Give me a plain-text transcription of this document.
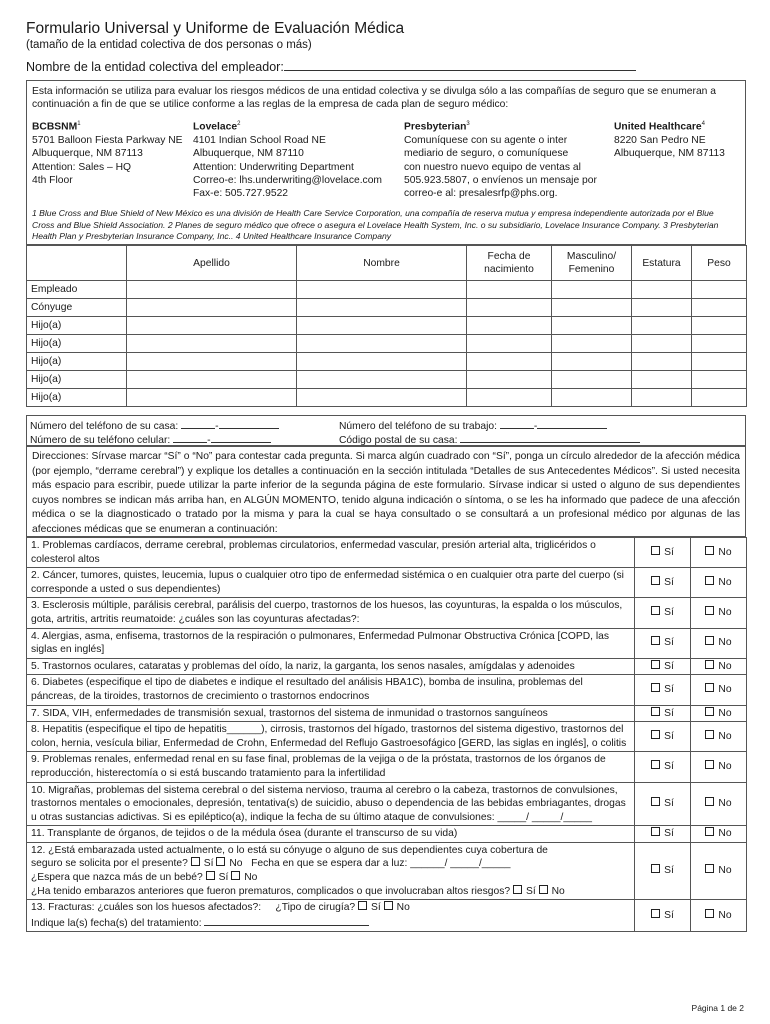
Formulario Universal y Uniforme de Evaluación Médica
(tamaño de la entidad colectiva de dos personas o más)
Nombre de la entidad colectiva del empleador:
Esta información se utiliza para evaluar los riesgos médicos de una entidad colectiva y se divulga sólo a las compañías de seguro que se enumeran a continuación a fin de que se utilice conforme a las reglas de la empresa de cada plan de seguro médico:
BCBSNM$^1$
5701 Balloon Fiesta Parkway NE
Albuquerque, NM 87113
Attention: Sales – HQ
4th Floor
Lovelace$^2$
4101 Indian School Road NE
Albuquerque, NM 87110
Attention: Underwriting Department
Correo-e: lhs.underwriting@lovelace.com
Fax-e: 505.727.9522
Presbyterian$^3$
Comuníquese con su agente o inter
mediario de seguro, o comuníquese
con nuestro nuevo equipo de ventas al
505.923.5807, o envíenos un mensaje por
correo-e al: presalesrfp@phs.org.
United Healthcare$^4$
8220 San Pedro NE
Albuquerque, NM 87113
1 Blue Cross and Blue Shield of New México es una división de Health Care Service Corporation, una compañía de reserva mutua y empresa independiente autorizada por el Blue Cross and Blue Shield Association. 2 Planes de seguro médico que ofrece o asegura el Lovelace Health System, Inc. o su subsidiario, Lovelace Insurance Company. 3 Presbyterian Health Plan y Presbyterian Insurance Company, Inc.. 4 United Healthcare Insurance Company
	Apellido	Nombre	Fecha de nacimiento	Masculino/ Femenino	Estatura	Peso
Empleado						
Cónyuge						
Hijo(a)						
Hijo(a)						
Hijo(a)						
Hijo(a)						
Hijo(a)						
Número del teléfono de su casa:	-	Número del teléfono de su trabajo:	-
Número de su teléfono celular:	-	Código postal de su casa:
Direcciones: Sírvase marcar “Sí” o “No” para contestar cada pregunta. Si marca algún cuadrado con “Sí”, ponga un círculo alrededor de la afección médica (por ejemplo, “derrame cerebral”) y explique los detalles a continuación en la sección intitulada “Detalles de sus Antecedentes Médicos”. Si usted necesita más espacio para escribir, puede utilizar la parte inferior de la segunda página de este formulario. Sírvase indicar si usted o alguno de sus dependientes cuyos nombres se indican más arriba han, en ALGÚN MOMENTO, tenido alguna indicación o síntoma, o se les ha informado que padece de una afección médica o se la diagnosticado o tratado por la misma y para la cual se haya consultado o se consultará a un profesional médico por algunas de las afecciones médicas que se enumeran a continuación:
1. Problemas cardíacos, derrame cerebral, problemas circulatorios, enfermedad vascular, presión arterial alta, triglicéridos o colesterol altos	Sí	No
2. Cáncer, tumores, quistes, leucemia, lupus o cualquier otro tipo de enfermedad sistémica o en cualquier otra parte del cuerpo (si corresponde a usted o sus dependientes)	Sí	No
3. Esclerosis múltiple, parálisis cerebral, parálisis del cuerpo, trastornos de los huesos, las coyunturas, la espalda o los músculos, gota, artritis, artritis reumatoide: ¿cuáles son las coyunturas afectadas?:	Sí	No
4. Alergias, asma, enfisema, trastornos de la respiración o pulmonares, Enfermedad Pulmonar Obstructiva Crónica [COPD, las siglas en inglés]	Sí	No
5. Trastornos oculares, cataratas y problemas del oído, la nariz, la garganta, los senos nasales, amígdalas y adenoides	Sí	No
6. Diabetes (especifique el tipo de diabetes e indique el resultado del análisis HBA1C), bomba de insulina, problemas del páncreas, de la tiroides, trastornos de crecimiento o trastornos endocrinos	Sí	No
7. SIDA, VIH, enfermedades de transmisión sexual, trastornos del sistema de inmunidad o trastornos sanguíneos	Sí	No
8. Hepatitis (especifique el tipo de hepatitis______), cirrosis, trastornos del hígado, trastornos del sistema digestivo, trastornos del colon, hernia, vesícula biliar, Enfermedad de Crohn, Enfermedad del Reflujo Gastroesofágico [GERD, las siglas en inglés], o colitis	Sí	No
9. Problemas renales, enfermedad renal en su fase final, problemas de la vejiga o de la próstata, trastornos de los órganos de reproducción, histerectomía o si está buscando tratamiento para la infertilidad	Sí	No
10. Migrañas, problemas del sistema cerebral o del sistema nervioso, trauma al cerebro o la cabeza, trastornos de convulsiones, trastornos mentales o emocionales, depresión, tentativa(s) de suicidio, abuso o dependencia de las bebidas embriagantes, drogas u otras sustancias adictivas. Si es epiléptico(a), indique la fecha de su último ataque de convulsiones: _____/ _____/_____	Sí	No
11. Transplante de órganos, de tejidos o de la médula ósea (durante el transcurso de su vida)	Sí	No

12. ¿Está embarazada usted actualmente, o lo está su cónyuge o alguno de sus dependientes cuya cobertura de
seguro se solicita por el presente? Sí No Fecha en que se espera dar a luz: ______/ _____/_____
¿Espera que nazca más de un bebé? Sí No
¿Ha tenido embarazos anteriores que fueron prematuros, complicados o que involucraban altos riesgos? Sí No	Sí	No

13. Fracturas: ¿cuáles son los huesos afectados?: ¿Tipo de cirugía? Sí No
Indique la(s) fecha(s) del tratamiento:	Sí	No
Página 1 de 2
